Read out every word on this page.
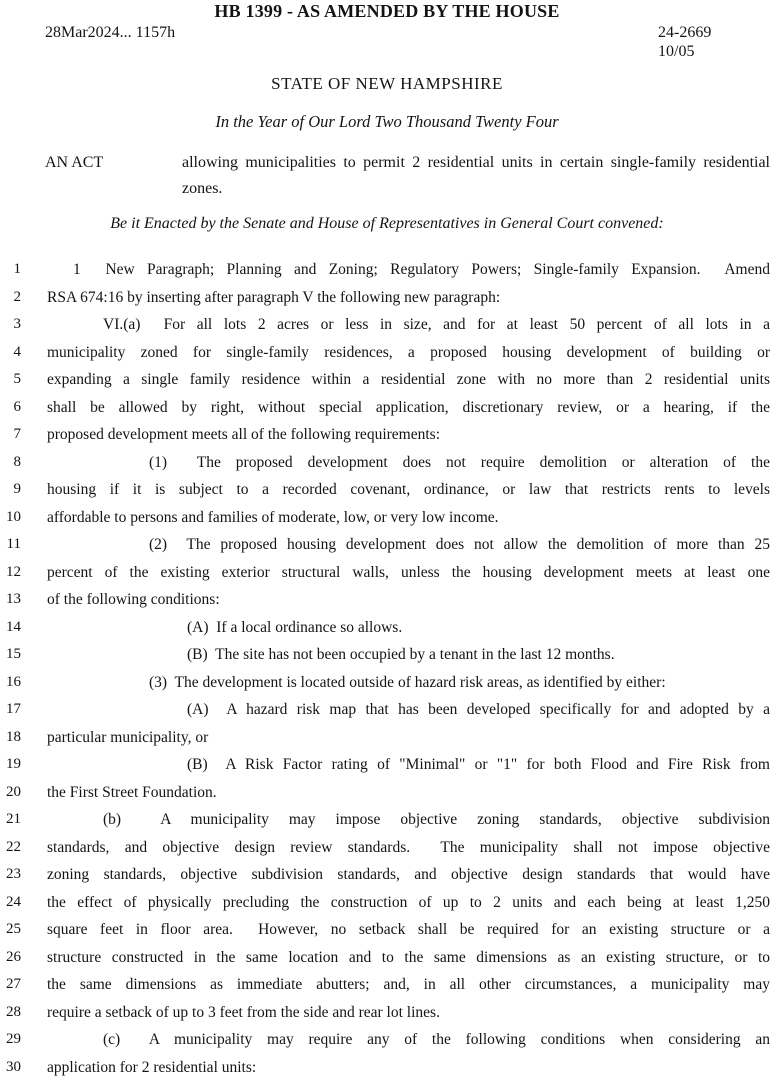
HB 1399 - AS AMENDED BY THE HOUSE
28Mar2024... 1157h	24-2669
10/05
STATE OF NEW HAMPSHIRE
In the Year of Our Lord Two Thousand Twenty Four
AN ACT	allowing municipalities to permit 2 residential units in certain single-family residential zones.
Be it Enacted by the Senate and House of Representatives in General Court convened:
1	1  New Paragraph; Planning and Zoning; Regulatory Powers; Single-family Expansion.  Amend
2 RSA 674:16 by inserting after paragraph V the following new paragraph:
3	VI.(a)  For all lots 2 acres or less in size, and for at least 50 percent of all lots in a
4 municipality zoned for single-family residences, a proposed housing development of building or
5 expanding a single family residence within a residential zone with no more than 2 residential units
6 shall be allowed by right, without special application, discretionary review, or a hearing, if the
7 proposed development meets all of the following requirements:
8	(1)  The proposed development does not require demolition or alteration of the
9 housing if it is subject to a recorded covenant, ordinance, or law that restricts rents to levels
10 affordable to persons and families of moderate, low, or very low income.
11	(2)  The proposed housing development does not allow the demolition of more than 25
12 percent of the existing exterior structural walls, unless the housing development meets at least one
13 of the following conditions:
14	(A)  If a local ordinance so allows.
15	(B)  The site has not been occupied by a tenant in the last 12 months.
16	(3)  The development is located outside of hazard risk areas, as identified by either:
17	(A)  A hazard risk map that has been developed specifically for and adopted by a
18 particular municipality, or
19	(B)  A Risk Factor rating of "Minimal" or "1" for both Flood and Fire Risk from
20 the First Street Foundation.
21	(b)  A municipality may impose objective zoning standards, objective subdivision
22 standards, and objective design review standards.  The municipality shall not impose objective
23 zoning standards, objective subdivision standards, and objective design standards that would have
24 the effect of physically precluding the construction of up to 2 units and each being at least 1,250
25 square feet in floor area.  However, no setback shall be required for an existing structure or a
26 structure constructed in the same location and to the same dimensions as an existing structure, or to
27 the same dimensions as immediate abutters; and, in all other circumstances, a municipality may
28 require a setback of up to 3 feet from the side and rear lot lines.
29	(c)  A municipality may require any of the following conditions when considering an
30 application for 2 residential units:
